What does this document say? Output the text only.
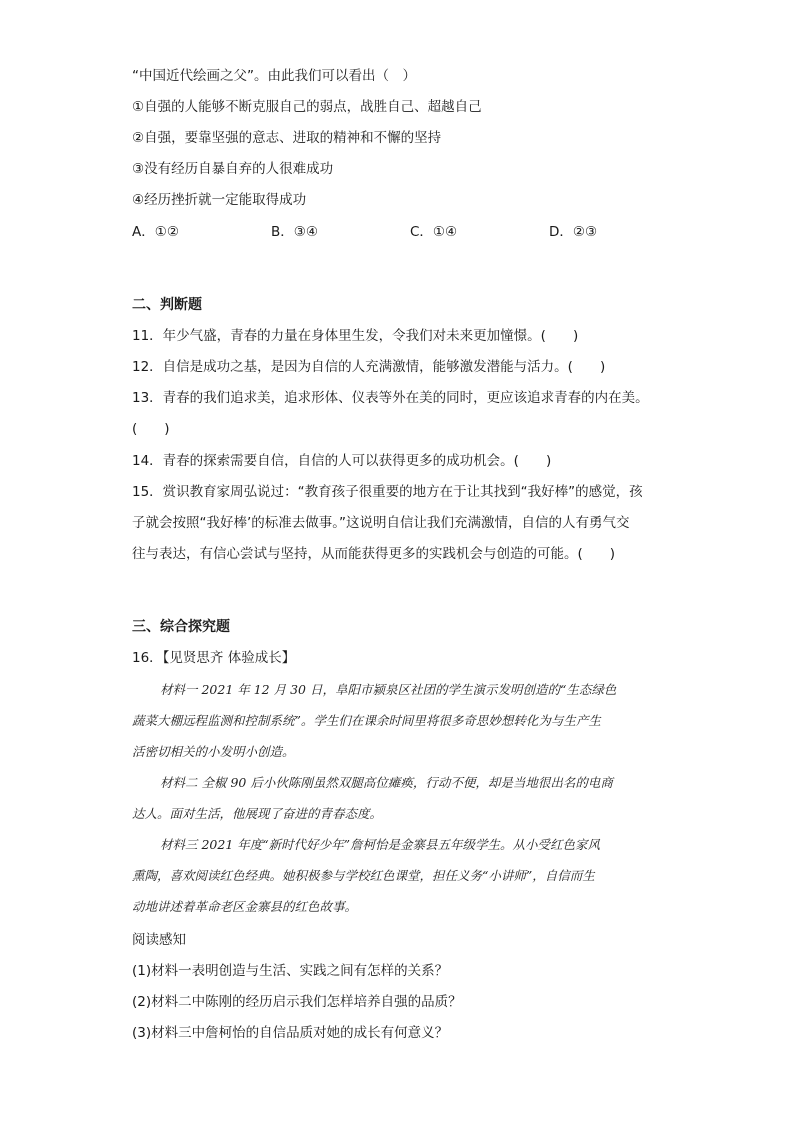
“中国近代绘画之父”。由此我们可以看出（　）
①自强的人能够不断克服自己的弱点，战胜自己、超越自己
②自强，要靠坚强的意志、进取的精神和不懈的坚持
③没有经历自暴自弃的人很难成功
④经历挫折就一定能取得成功
A．①②	B．③④	C．①④	D．②③
二、判断题
11．年少气盛，青春的力量在身体里生发，令我们对未来更加憧憬。(　　)
12．自信是成功之基，是因为自信的人充满激情，能够激发潜能与活力。(　　)
13．青春的我们追求美，追求形体、仪表等外在美的同时，更应该追求青春的内在美。
(　　)
14．青春的探索需要自信，自信的人可以获得更多的成功机会。(　　)
15．赏识教育家周弘说过：“教育孩子很重要的地方在于让其找到“我好棒”的感觉，孩
子就会按照“我好棒’的标准去做事。”这说明自信让我们充满激情，自信的人有勇气交
往与表达，有信心尝试与坚持，从而能获得更多的实践机会与创造的可能。(　　)
三、综合探究题
16．【见贤思齐 体验成长】
材料一 2021 年 12 月 30 日，阜阳市颍泉区社团的学生演示发明创造的“生态绿色
蔬菜大棚远程监测和控制系统”。学生们在课余时间里将很多奇思妙想转化为与生产生
活密切相关的小发明小创造。
材料二 全椒 90 后小伙陈刚虽然双腿高位瘫痪，行动不便，却是当地很出名的电商
达人。面对生活，他展现了奋进的青春态度。
材料三 2021 年度“新时代好少年”詹柯怡是金寨县五年级学生。从小受红色家风
熏陶，喜欢阅读红色经典。她积极参与学校红色课堂，担任义务“小讲师”，自信而生
动地讲述着革命老区金寨县的红色故事。
阅读感知
(1)材料一表明创造与生活、实践之间有怎样的关系？
(2)材料二中陈刚的经历启示我们怎样培养自强的品质？
(3)材料三中詹柯怡的自信品质对她的成长有何意义？
